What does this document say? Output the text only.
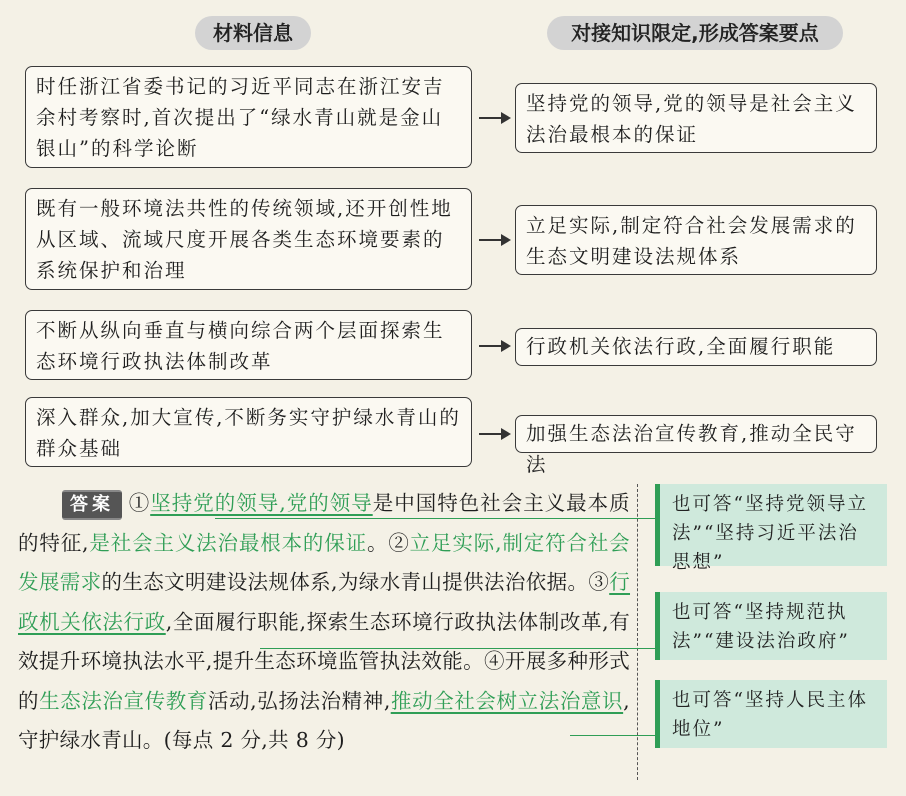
材料信息	对接知识限定,形成答案要点
时任浙江省委书记的习近平同志在浙江安吉余村考察时,首次提出了“绿水青山就是金山银山”的科学论断
坚持党的领导,党的领导是社会主义法治最根本的保证
既有一般环境法共性的传统领域,还开创性地从区域、流域尺度开展各类生态环境要素的系统保护和治理
立足实际,制定符合社会发展需求的生态文明建设法规体系
不断从纵向垂直与横向综合两个层面探索生态环境行政执法体制改革
行政机关依法行政,全面履行职能
深入群众,加大宣传,不断务实守护绿水青山的群众基础
加强生态法治宣传教育,推动全民守法
答案 ①坚持党的领导,党的领导是中国特色社会主义最本质的特征,是社会主义法治最根本的保证。②立足实际,制定符合社会发展需求的生态文明建设法规体系,为绿水青山提供法治依据。③行政机关依法行政,全面履行职能,探索生态环境行政执法体制改革,有效提升环境执法水平,提升生态环境监管执法效能。④开展多种形式的生态法治宣传教育活动,弘扬法治精神,推动全社会树立法治意识,守护绿水青山。(每点 2 分,共 8 分)
也可答“坚持党领导立法”“坚持习近平法治思想”
也可答“坚持规范执法”“建设法治政府”
也可答“坚持人民主体地位”
